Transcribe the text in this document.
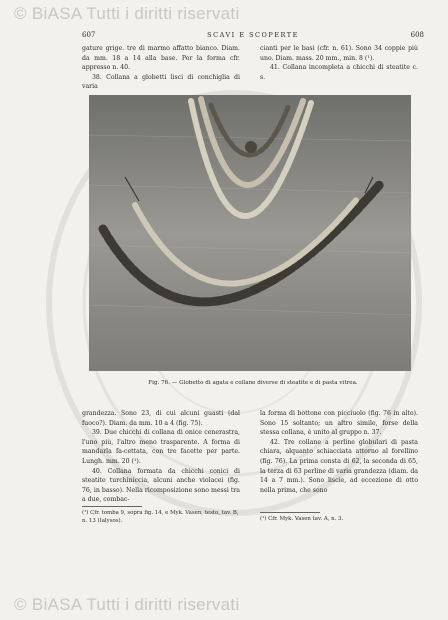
© BiASA Tutti i diritti riservati
607	SCAVI E SCOPERTE	608

gature grige. tre di marmo affatto bianco. Diam. da mm. 18 a 14 alla base. Per la forma cfr. appresso n. 40.

38. Collana a globetti lisci di conchiglia di varia

cianti per le basi (cfr. n. 61). Sono 34 coppie più uno. Diam. mass. 20 mm., min. 8 (¹).

41. Collana incompleta a chicchi di steatite c. s.

Fig. 76. — Globetto di agata e collane diverse di steatite e di pasta vitrea.

grandezza. Sono 23, di cui alcuni guasti (dal fuoco?). Diam. da mm. 10 a 4 (fig. 75).

39. Due chicchi di collana di onice cenerastra, l'uno più, l'altro meno trasparente. A forma di mandarla fa-cettata, con tre facette per parte. Lungh. mm. 20 (¹).

40. Collana formata da chicchi conici di steatite turchiniccia, alcuni anche violacei (fig. 76, in basso). Nella ricomposizione sono messi tra a due, combac-

la forma di bottone con picciuolo (fig. 76 in alto). Sono 15 soltanto; un altro simile, forse della stessa collana, è unito al gruppo n. 37.

42. Tre collane a perline globulari di pasta chiara, alquanto schiacciata attorno al forellino (fig. 76). La prima consta di 62, la seconda di 65, la terza di 63 perline di varia grandezza (diam. da 14 a 7 mm.). Sono liscie, ad eccezione di otto nella prima, che sono

(¹) Cfr. tomba 9, sopra fig. 14, e Myk. Vasen, testo, tav. B, n. 13 (Ialysos).	(¹) Cfr. Myk. Vasen tav. A, n. 3.
© BiASA Tutti i diritti riservati
